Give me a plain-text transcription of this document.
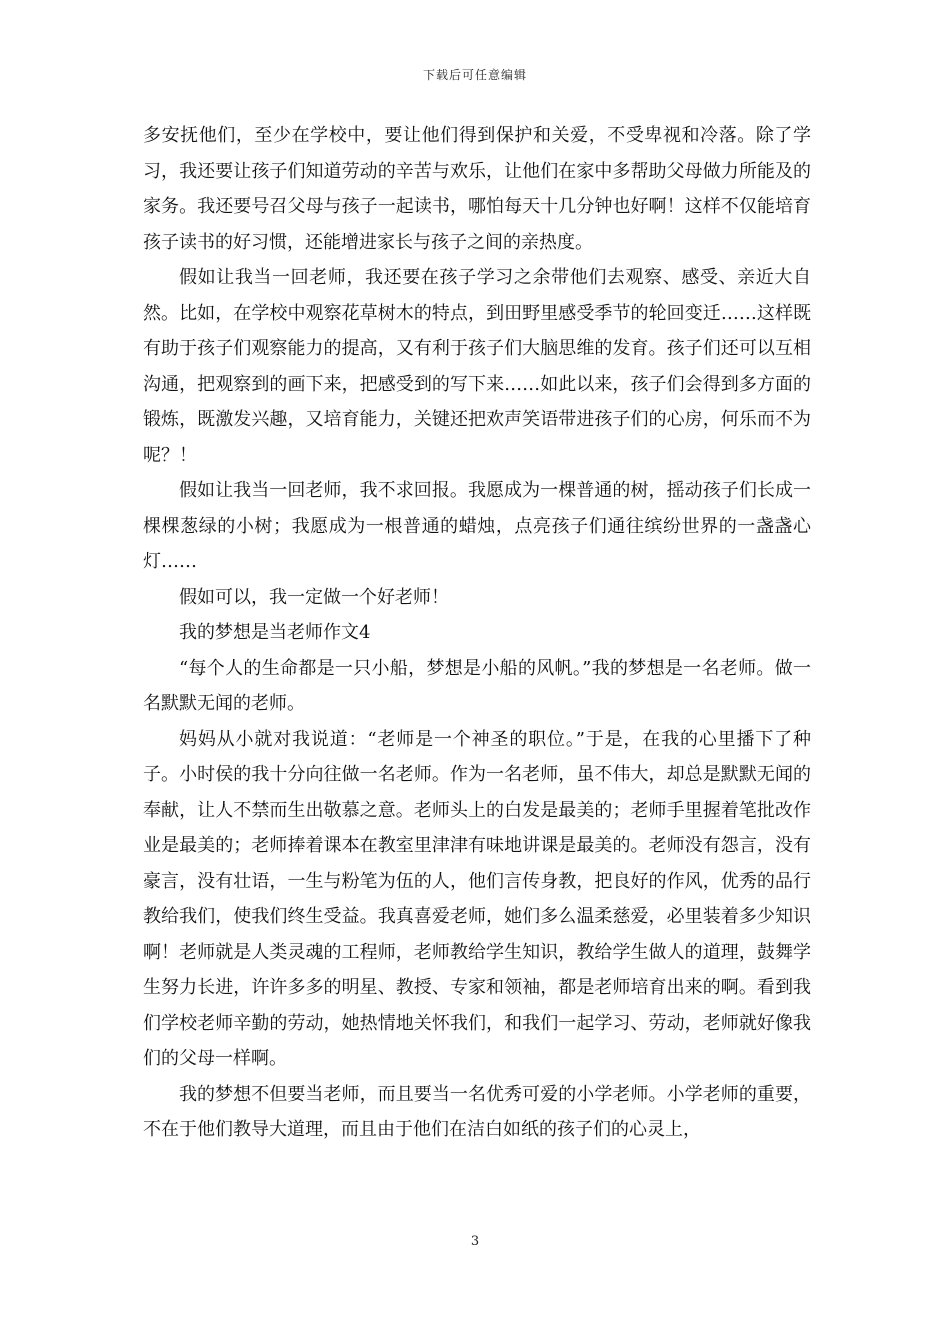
下载后可任意编辑

多安抚他们，至少在学校中，要让他们得到保护和关爱，不受卑视和冷落。除了学习，我还要让孩子们知道劳动的辛苦与欢乐，让他们在家中多帮助父母做力所能及的家务。我还要号召父母与孩子一起读书，哪怕每天十几分钟也好啊！这样不仅能培育孩子读书的好习惯，还能增进家长与孩子之间的亲热度。

假如让我当一回老师，我还要在孩子学习之余带他们去观察、感受、亲近大自然。比如，在学校中观察花草树木的特点，到田野里感受季节的轮回变迁……这样既有助于孩子们观察能力的提高，又有利于孩子们大脑思维的发育。孩子们还可以互相沟通，把观察到的画下来，把感受到的写下来……如此以来，孩子们会得到多方面的锻炼，既激发兴趣，又培育能力，关键还把欢声笑语带进孩子们的心房，何乐而不为呢？！

假如让我当一回老师，我不求回报。我愿成为一棵普通的树，摇动孩子们长成一棵棵葱绿的小树；我愿成为一根普通的蜡烛，点亮孩子们通往缤纷世界的一盏盏心灯……

假如可以，我一定做一个好老师！

我的梦想是当老师作文4

“每个人的生命都是一只小船，梦想是小船的风帆。”我的梦想是一名老师。做一名默默无闻的老师。

妈妈从小就对我说道：“老师是一个神圣的职位。”于是，在我的心里播下了种子。小时侯的我十分向往做一名老师。作为一名老师，虽不伟大，却总是默默无闻的奉献，让人不禁而生出敬慕之意。老师头上的白发是最美的；老师手里握着笔批改作业是最美的；老师捧着课本在教室里津津有味地讲课是最美的。老师没有怨言，没有豪言，没有壮语，一生与粉笔为伍的人，他们言传身教，把良好的作风，优秀的品行教给我们，使我们终生受益。我真喜爱老师，她们多么温柔慈爱，必里装着多少知识啊！老师就是人类灵魂的工程师，老师教给学生知识，教给学生做人的道理，鼓舞学生努力长进，许许多多的明星、教授、专家和领袖，都是老师培育出来的啊。看到我们学校老师辛勤的劳动，她热情地关怀我们，和我们一起学习、劳动，老师就好像我们的父母一样啊。

我的梦想不但要当老师，而且要当一名优秀可爱的小学老师。小学老师的重要，不在于他们教导大道理，而且由于他们在洁白如纸的孩子们的心灵上，

3
